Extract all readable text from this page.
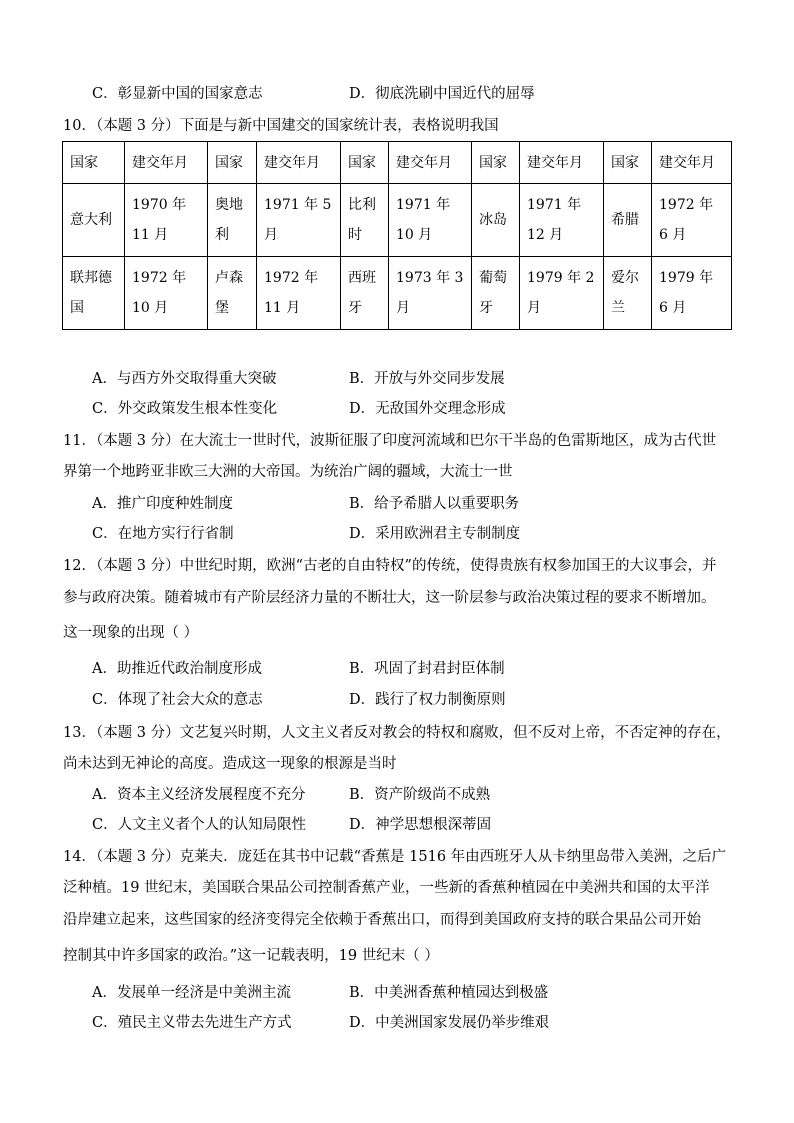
C．彰显新中国的国家意志	D．彻底洗刷中国近代的屈辱
10．（本题 3 分）下面是与新中国建交的国家统计表，表格说明我国
国家	建交年月	国家	建交年月	国家	建交年月	国家	建交年月	国家	建交年月
意大利	1970 年 11 月	奥地利	1971 年 5 月	比利时	1971 年 10 月	冰岛	1971 年 12 月	希腊	1972 年 6 月
联邦德国	1972 年 10 月	卢森堡	1972 年 11 月	西班牙	1973 年 3 月	葡萄牙	1979 年 2 月	爱尔兰	1979 年 6 月
A．与西方外交取得重大突破	B．开放与外交同步发展
C．外交政策发生根本性变化	D．无敌国外交理念形成
11．（本题 3 分）在大流士一世时代，波斯征服了印度河流域和巴尔干半岛的色雷斯地区，成为古代世
界第一个地跨亚非欧三大洲的大帝国。为统治广阔的疆域，大流士一世
A．推广印度种姓制度	B．给予希腊人以重要职务
C．在地方实行行省制	D．采用欧洲君主专制制度
12．（本题 3 分）中世纪时期，欧洲“古老的自由特权”的传统，使得贵族有权参加国王的大议事会，并
参与政府决策。随着城市有产阶层经济力量的不断壮大，这一阶层参与政治决策过程的要求不断增加。
这一现象的出现（ ）
A．助推近代政治制度形成	B．巩固了封君封臣体制
C．体现了社会大众的意志	D．践行了权力制衡原则
13．（本题 3 分）文艺复兴时期，人文主义者反对教会的特权和腐败，但不反对上帝，不否定神的存在，
尚未达到无神论的高度。造成这一现象的根源是当时
A．资本主义经济发展程度不充分	B．资产阶级尚不成熟
C．人文主义者个人的认知局限性	D．神学思想根深蒂固
14．（本题 3 分）克莱夫．庞廷在其书中记载“香蕉是 1516 年由西班牙人从卡纳里岛带入美洲，之后广
泛种植。19 世纪末，美国联合果品公司控制香蕉产业，一些新的香蕉种植园在中美洲共和国的太平洋
沿岸建立起来，这些国家的经济变得完全依赖于香蕉出口，而得到美国政府支持的联合果品公司开始
控制其中许多国家的政治。”这一记载表明，19 世纪末（ ）
A．发展单一经济是中美洲主流	B．中美洲香蕉种植园达到极盛
C．殖民主义带去先进生产方式	D．中美洲国家发展仍举步维艰
